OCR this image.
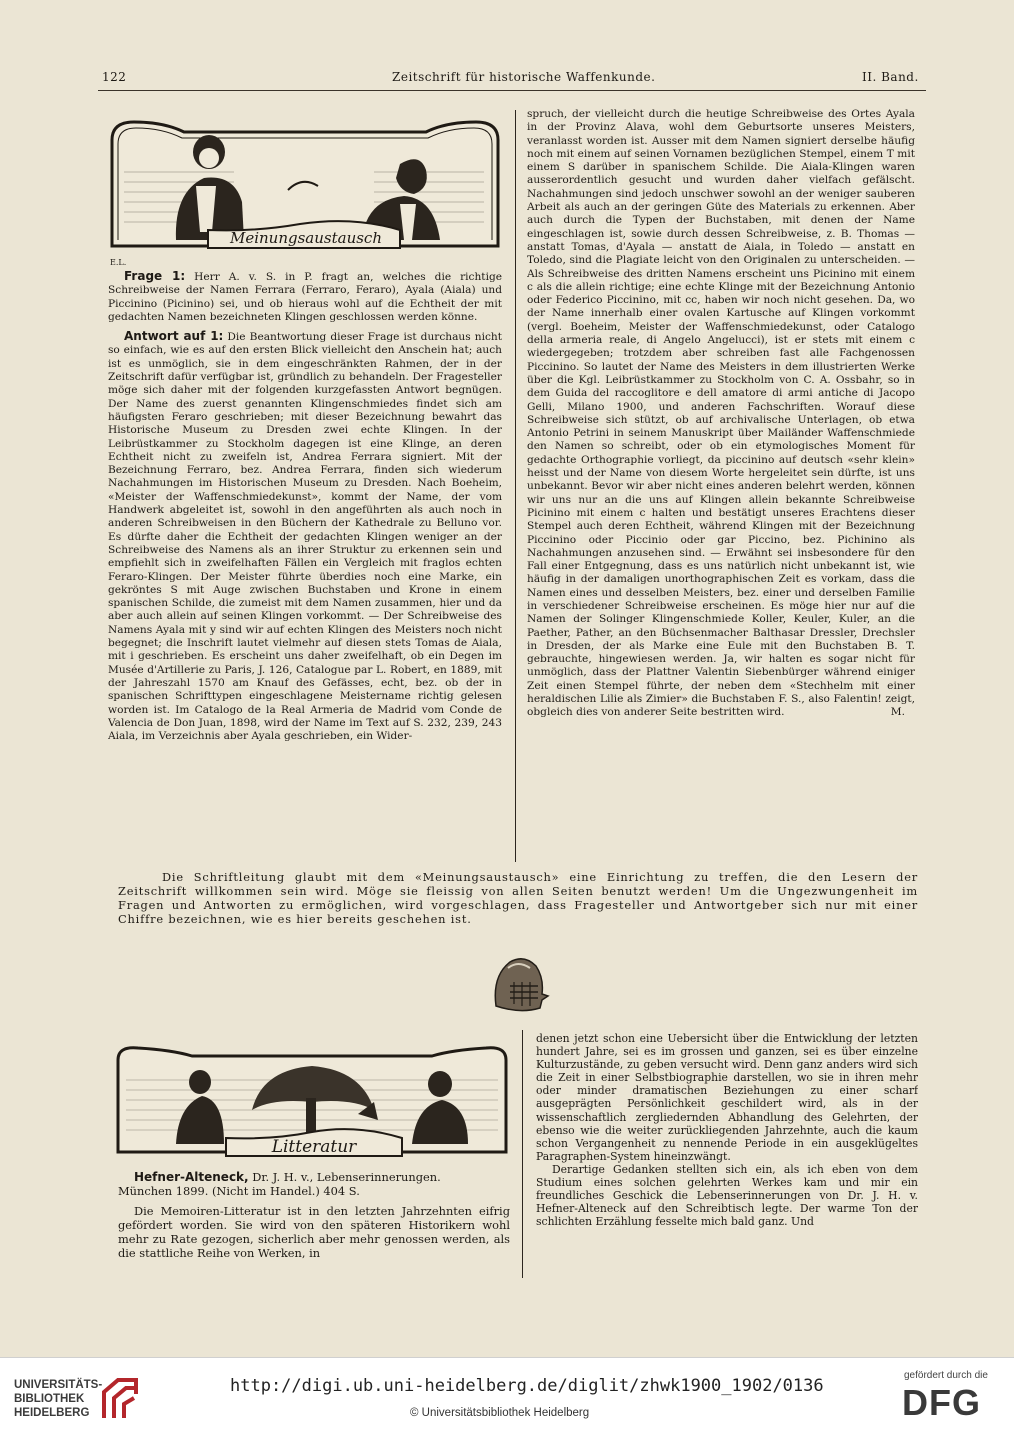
122	Zeitschrift für historische Waffenkunde.	II. Band.
Meinungsaustausch
E.L.

Frage 1: Herr A. v. S. in P. fragt an, welches die richtige Schreibweise der Namen Ferrara (Ferraro, Feraro), Ayala (Aiala) und Piccinino (Picinino) sei, und ob hieraus wohl auf die Echtheit der mit gedachten Namen bezeichneten Klingen geschlossen werden könne.

Antwort auf 1: Die Beantwortung dieser Frage ist durchaus nicht so einfach, wie es auf den ersten Blick vielleicht den Anschein hat; auch ist es unmöglich, sie in dem eingeschränkten Rahmen, der in der Zeitschrift dafür verfügbar ist, gründlich zu behandeln. Der Fragesteller möge sich daher mit der folgenden kurzgefassten Antwort begnügen. Der Name des zuerst genannten Klingenschmiedes findet sich am häufigsten Feraro geschrieben; mit dieser Bezeichnung bewahrt das Historische Museum zu Dresden zwei echte Klingen. In der Leibrüstkammer zu Stockholm dagegen ist eine Klinge, an deren Echtheit nicht zu zweifeln ist, Andrea Ferrara signiert. Mit der Bezeichnung Ferraro, bez. Andrea Ferrara, finden sich wiederum Nachahmungen im Historischen Museum zu Dresden. Nach Boeheim, «Meister der Waffenschmiedekunst», kommt der Name, der vom Handwerk abgeleitet ist, sowohl in den angeführten als auch noch in anderen Schreibweisen in den Büchern der Kathedrale zu Belluno vor. Es dürfte daher die Echtheit der gedachten Klingen weniger an der Schreibweise des Namens als an ihrer Struktur zu erkennen sein und empfiehlt sich in zweifelhaften Fällen ein Vergleich mit fraglos echten Feraro-Klingen. Der Meister führte überdies noch eine Marke, ein gekröntes S mit Auge zwischen Buchstaben und Krone in einem spanischen Schilde, die zumeist mit dem Namen zusammen, hier und da aber auch allein auf seinen Klingen vorkommt. — Der Schreibweise des Namens Ayala mit y sind wir auf echten Klingen des Meisters noch nicht begegnet; die Inschrift lautet vielmehr auf diesen stets Tomas de Aiala, mit i geschrieben. Es erscheint uns daher zweifelhaft, ob ein Degen im Musée d'Artillerie zu Paris, J. 126, Catalogue par L. Robert, en 1889, mit der Jahreszahl 1570 am Knauf des Gefässes, echt, bez. ob der in spanischen Schrifttypen eingeschlagene Meistername richtig gelesen worden ist. Im Catalogo de la Real Armeria de Madrid vom Conde de Valencia de Don Juan, 1898, wird der Name im Text auf S. 232, 239, 243 Aiala, im Verzeichnis aber Ayala geschrieben, ein Wider-

spruch, der vielleicht durch die heutige Schreibweise des Ortes Ayala in der Provinz Alava, wohl dem Geburtsorte unseres Meisters, veranlasst worden ist. Ausser mit dem Namen signiert derselbe häufig noch mit einem auf seinen Vornamen bezüglichen Stempel, einem T mit einem S darüber in spanischem Schilde. Die Aiala-Klingen waren ausserordentlich gesucht und wurden daher vielfach gefälscht. Nachahmungen sind jedoch unschwer sowohl an der weniger sauberen Arbeit als auch an der geringen Güte des Materials zu erkennen. Aber auch durch die Typen der Buchstaben, mit denen der Name eingeschlagen ist, sowie durch dessen Schreibweise, z. B. Thomas — anstatt Tomas, d'Ayala — anstatt de Aiala, in Toledo — anstatt en Toledo, sind die Plagiate leicht von den Originalen zu unterscheiden. — Als Schreibweise des dritten Namens erscheint uns Picinino mit einem c als die allein richtige; eine echte Klinge mit der Bezeichnung Antonio oder Federico Piccinino, mit cc, haben wir noch nicht gesehen. Da, wo der Name innerhalb einer ovalen Kartusche auf Klingen vorkommt (vergl. Boeheim, Meister der Waffenschmiedekunst, oder Catalogo della armeria reale, di Angelo Angelucci), ist er stets mit einem c wiedergegeben; trotzdem aber schreiben fast alle Fachgenossen Piccinino. So lautet der Name des Meisters in dem illustrierten Werke über die Kgl. Leibrüstkammer zu Stockholm von C. A. Ossbahr, so in dem Guida del raccoglitore e dell amatore di armi antiche di Jacopo Gelli, Milano 1900, und anderen Fachschriften. Worauf diese Schreibweise sich stützt, ob auf archivalische Unterlagen, ob etwa Antonio Petrini in seinem Manuskript über Mailänder Waffenschmiede den Namen so schreibt, oder ob ein etymologisches Moment für gedachte Orthographie vorliegt, da piccinino auf deutsch «sehr klein» heisst und der Name von diesem Worte hergeleitet sein dürfte, ist uns unbekannt. Bevor wir aber nicht eines anderen belehrt werden, können wir uns nur an die uns auf Klingen allein bekannte Schreibweise Picinino mit einem c halten und bestätigt unseres Erachtens dieser Stempel auch deren Echtheit, während Klingen mit der Bezeichnung Piccinino oder Piccinio oder gar Piccino, bez. Pichinino als Nachahmungen anzusehen sind. — Erwähnt sei insbesondere für den Fall einer Entgegnung, dass es uns natürlich nicht unbekannt ist, wie häufig in der damaligen unorthographischen Zeit es vorkam, dass die Namen eines und desselben Meisters, bez. einer und derselben Familie in verschiedener Schreibweise erscheinen. Es möge hier nur auf die Namen der Solinger Klingenschmiede Koller, Keuler, Kuler, an die Paether, Pather, an den Büchsenmacher Balthasar Dressler, Drechsler in Dresden, der als Marke eine Eule mit den Buchstaben B. T. gebrauchte, hingewiesen werden. Ja, wir halten es sogar nicht für unmöglich, dass der Plattner Valentin Siebenbürger während einiger Zeit einen Stempel führte, der neben dem «Stechhelm mit einer heraldischen Lilie als Zimier» die Buchstaben F. S., also Falentin! zeigt, obgleich dies von anderer Seite bestritten wird.	M.

Die Schriftleitung glaubt mit dem «Meinungsaustausch» eine Einrichtung zu treffen, die den Lesern der Zeitschrift willkommen sein wird. Möge sie fleissig von allen Seiten benutzt werden! Um die Ungezwungenheit im Fragen und Antworten zu ermöglichen, wird vorgeschlagen, dass Fragesteller und Antwortgeber sich nur mit einer Chiffre bezeichnen, wie es hier bereits geschehen ist.

Litteratur

Hefner-Alteneck, Dr. J. H. v., Lebenserinnerungen.

München 1899. (Nicht im Handel.) 404 S.

Die Memoiren-Litteratur ist in den letzten Jahrzehnten eifrig gefördert worden. Sie wird von den späteren Historikern wohl mehr zu Rate gezogen, sicherlich aber mehr genossen werden, als die stattliche Reihe von Werken, in

denen jetzt schon eine Uebersicht über die Entwicklung der letzten hundert Jahre, sei es im grossen und ganzen, sei es über einzelne Kulturzustände, zu geben versucht wird. Denn ganz anders wird sich die Zeit in einer Selbstbiographie darstellen, wo sie in ihren mehr oder minder dramatischen Beziehungen zu einer scharf ausgeprägten Persönlichkeit geschildert wird, als in der wissenschaftlich zergliedernden Abhandlung des Gelehrten, der ebenso wie die weiter zurückliegenden Jahrzehnte, auch die kaum schon Vergangenheit zu nennende Periode in ein ausgeklügeltes Paragraphen-System hineinzwängt.

Derartige Gedanken stellten sich ein, als ich eben von dem Studium eines solchen gelehrten Werkes kam und mir ein freundliches Geschick die Lebenserinnerungen von Dr. J. H. v. Hefner-Alteneck auf den Schreibtisch legte. Der warme Ton der schlichten Erzählung fesselte mich bald ganz. Und

UNIVERSITÄTS-
BIBLIOTHEK
HEIDELBERG
http://digi.ub.uni-heidelberg.de/diglit/zhwk1900_1902/0136
© Universitätsbibliothek Heidelberg
gefördert durch die
DFG
